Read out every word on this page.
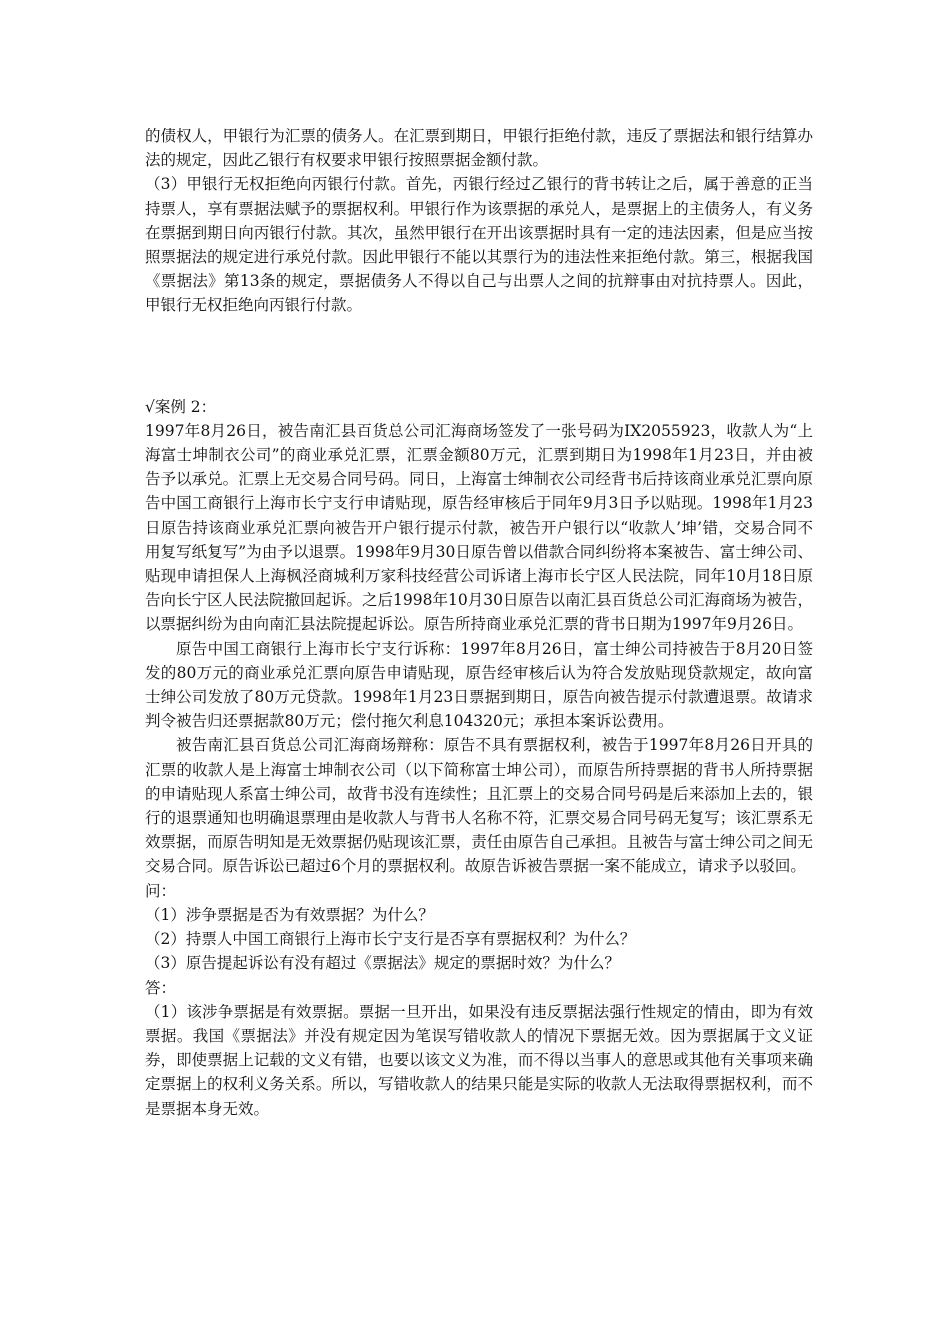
的债权人，甲银行为汇票的债务人。在汇票到期日，甲银行拒绝付款，违反了票据法和银行结算办法的规定，因此乙银行有权要求甲银行按照票据金额付款。

（3）甲银行无权拒绝向丙银行付款。首先，丙银行经过乙银行的背书转让之后，属于善意的正当持票人，享有票据法赋予的票据权利。甲银行作为该票据的承兑人，是票据上的主债务人，有义务在票据到期日向丙银行付款。其次，虽然甲银行在开出该票据时具有一定的违法因素，但是应当按照票据法的规定进行承兑付款。因此甲银行不能以其票行为的违法性来拒绝付款。第三，根据我国《票据法》第13条的规定，票据债务人不得以自己与出票人之间的抗辩事由对抗持票人。因此，甲银行无权拒绝向丙银行付款。

√案例 2：

1997年8月26日，被告南汇县百货总公司汇海商场签发了一张号码为IX2055923，收款人为“上海富士坤制衣公司”的商业承兑汇票，汇票金额80万元，汇票到期日为1998年1月23日，并由被告予以承兑。汇票上无交易合同号码。同日，上海富士绅制衣公司经背书后持该商业承兑汇票向原告中国工商银行上海市长宁支行申请贴现，原告经审核后于同年9月3日予以贴现。1998年1月23日原告持该商业承兑汇票向被告开户银行提示付款，被告开户银行以“收款人’坤’错，交易合同不用复写纸复写”为由予以退票。1998年9月30日原告曾以借款合同纠纷将本案被告、富士绅公司、贴现申请担保人上海枫泾商城利万家科技经营公司诉诸上海市长宁区人民法院，同年10月18日原告向长宁区人民法院撤回起诉。之后1998年10月30日原告以南汇县百货总公司汇海商场为被告，以票据纠纷为由向南汇县法院提起诉讼。原告所持商业承兑汇票的背书日期为1997年9月26日。

原告中国工商银行上海市长宁支行诉称：1997年8月26日，富士绅公司持被告于8月20日签发的80万元的商业承兑汇票向原告申请贴现，原告经审核后认为符合发放贴现贷款规定，故向富士绅公司发放了80万元贷款。1998年1月23日票据到期日，原告向被告提示付款遭退票。故请求判令被告归还票据款80万元；偿付拖欠利息104320元；承担本案诉讼费用。

被告南汇县百货总公司汇海商场辩称：原告不具有票据权利，被告于1997年8月26日开具的汇票的收款人是上海富士坤制衣公司（以下简称富士坤公司），而原告所持票据的背书人所持票据的申请贴现人系富士绅公司，故背书没有连续性；且汇票上的交易合同号码是后来添加上去的，银行的退票通知也明确退票理由是收款人与背书人名称不符，汇票交易合同号码无复写；该汇票系无效票据，而原告明知是无效票据仍贴现该汇票，责任由原告自己承担。且被告与富士绅公司之间无交易合同。原告诉讼已超过6个月的票据权利。故原告诉被告票据一案不能成立，请求予以驳回。

问：

（1）涉争票据是否为有效票据？为什么？

（2）持票人中国工商银行上海市长宁支行是否享有票据权利？为什么？

（3）原告提起诉讼有没有超过《票据法》规定的票据时效？为什么？

答：

（1）该涉争票据是有效票据。票据一旦开出，如果没有违反票据法强行性规定的情由，即为有效票据。我国《票据法》并没有规定因为笔误写错收款人的情况下票据无效。因为票据属于文义证券，即使票据上记载的文义有错，也要以该文义为准，而不得以当事人的意思或其他有关事项来确定票据上的权利义务关系。所以，写错收款人的结果只能是实际的收款人无法取得票据权利，而不是票据本身无效。
